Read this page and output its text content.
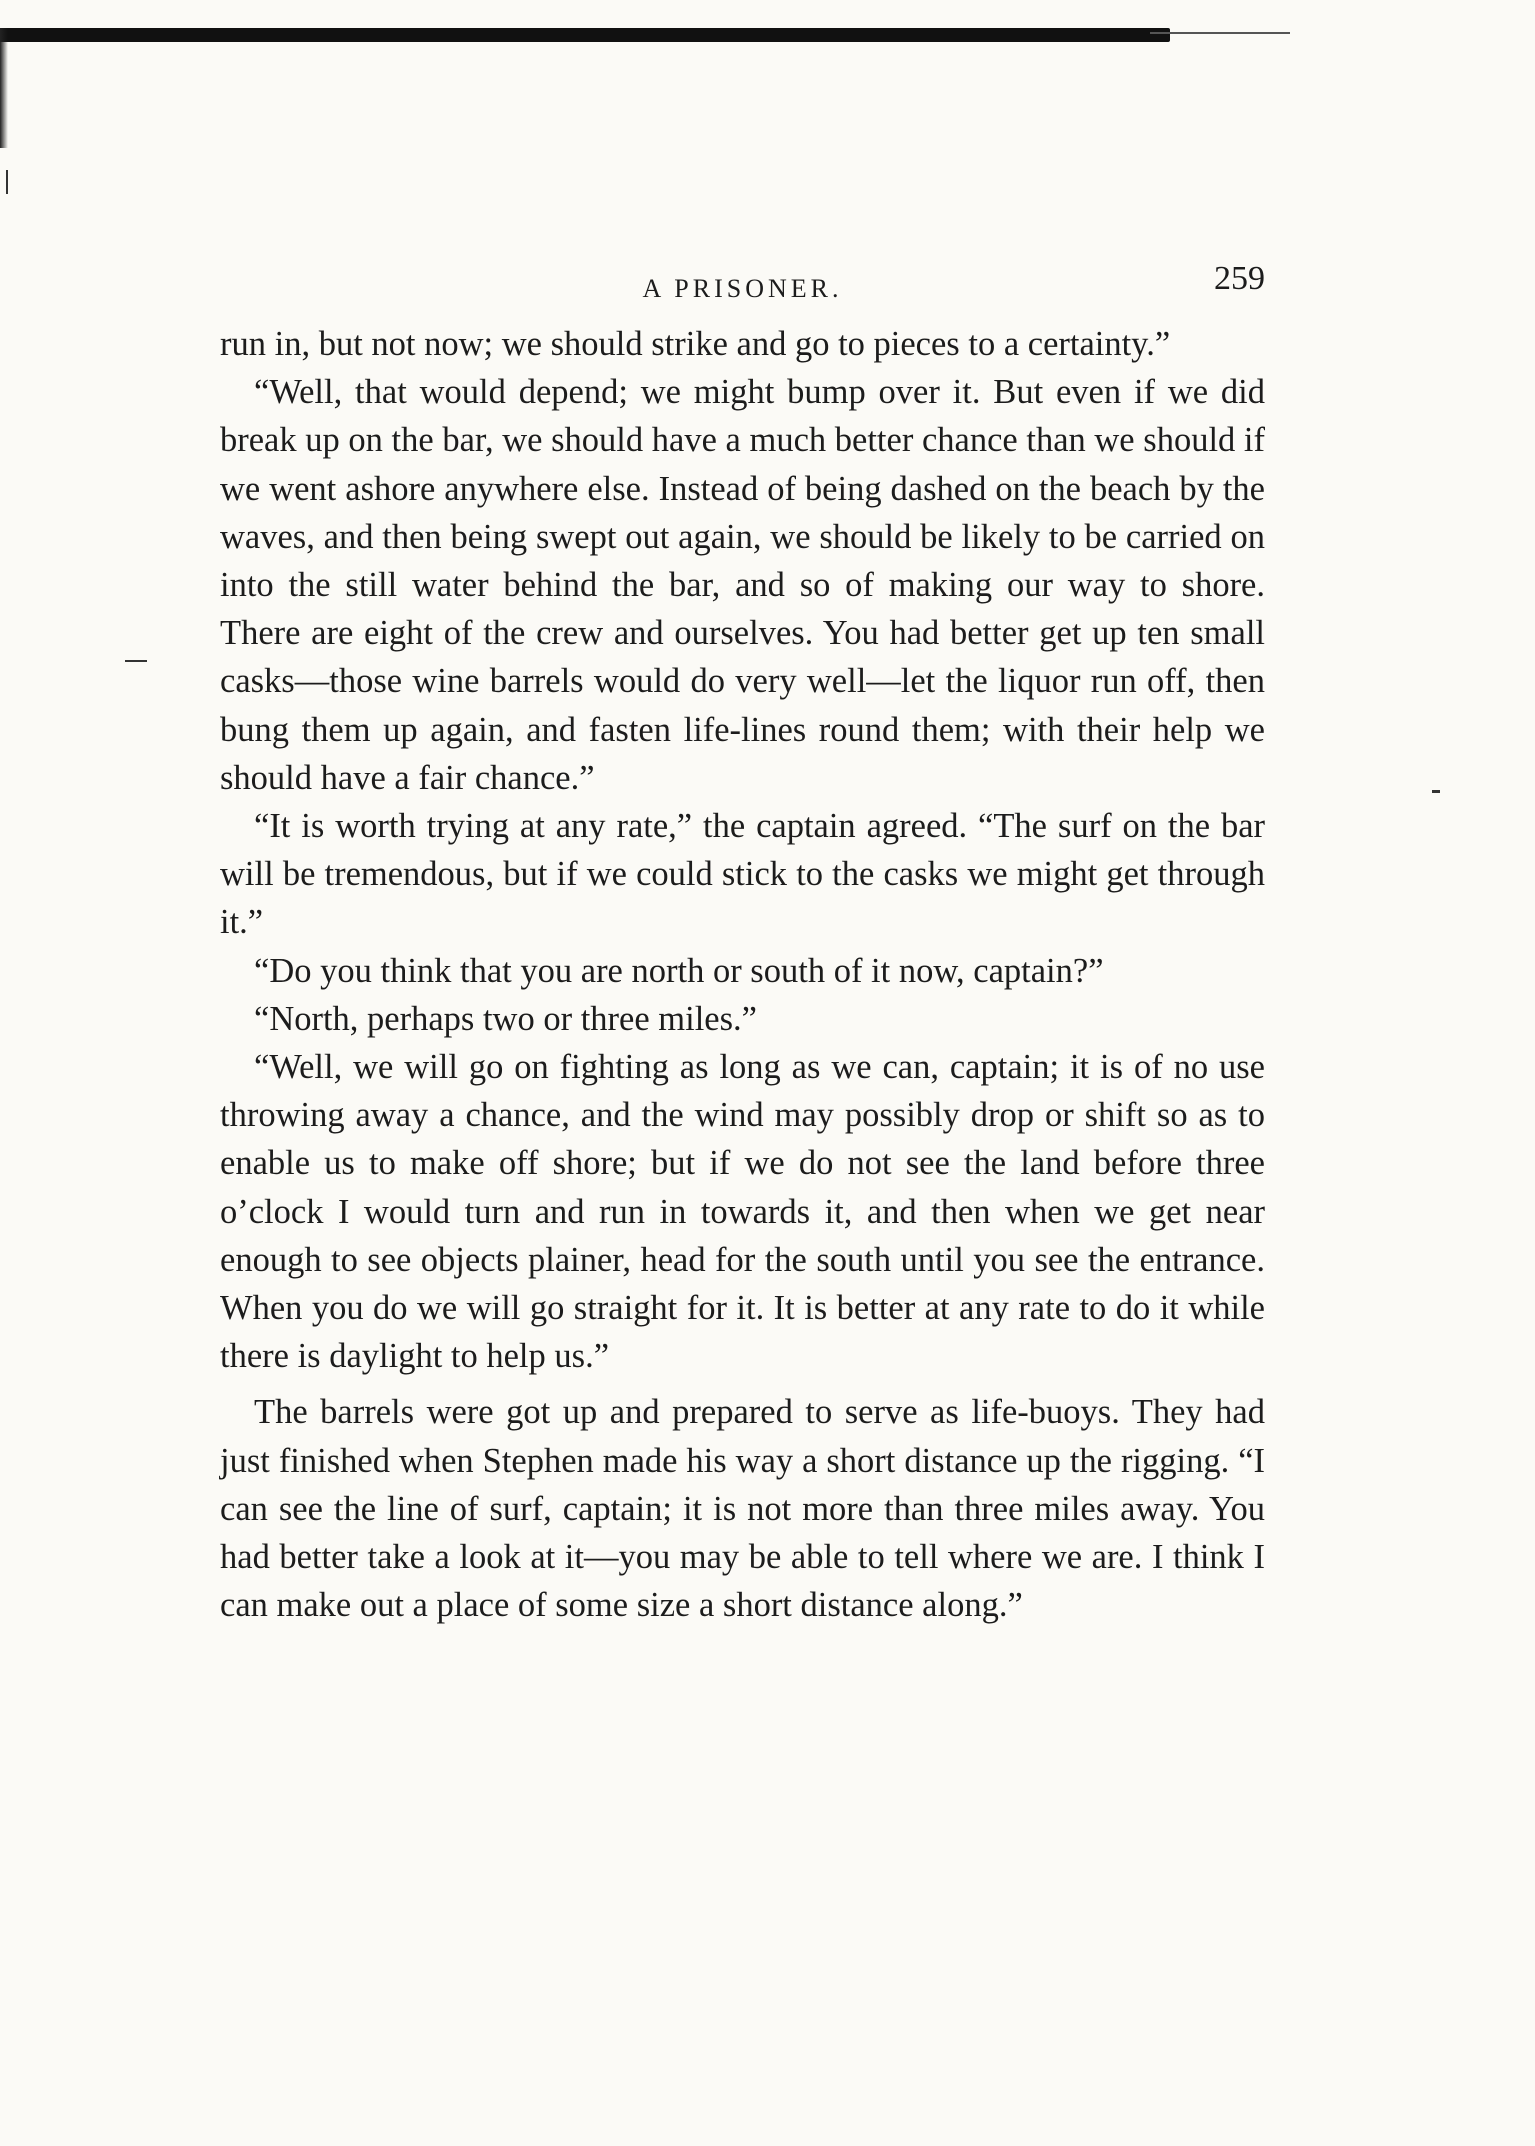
A PRISONER.	259

run in, but not now; we should strike and go to pieces to a certainty.”

“Well, that would depend; we might bump over it. But even if we did break up on the bar, we should have a much better chance than we should if we went ashore anywhere else. Instead of being dashed on the beach by the waves, and then being swept out again, we should be likely to be carried on into the still water behind the bar, and so of making our way to shore. There are eight of the crew and ourselves. You had better get up ten small casks—those wine barrels would do very well—let the liquor run off, then bung them up again, and fasten life-lines round them; with their help we should have a fair chance.”

“It is worth trying at any rate,” the captain agreed. “The surf on the bar will be tremendous, but if we could stick to the casks we might get through it.”

“Do you think that you are north or south of it now, captain?”

“North, perhaps two or three miles.”

“Well, we will go on fighting as long as we can, captain; it is of no use throwing away a chance, and the wind may possibly drop or shift so as to enable us to make off shore; but if we do not see the land before three o’clock I would turn and run in towards it, and then when we get near enough to see objects plainer, head for the south until you see the entrance. When you do we will go straight for it. It is better at any rate to do it while there is daylight to help us.”

The barrels were got up and prepared to serve as life-buoys. They had just finished when Stephen made his way a short distance up the rigging. “I can see the line of surf, captain; it is not more than three miles away. You had better take a look at it—you may be able to tell where we are. I think I can make out a place of some size a short distance along.”
